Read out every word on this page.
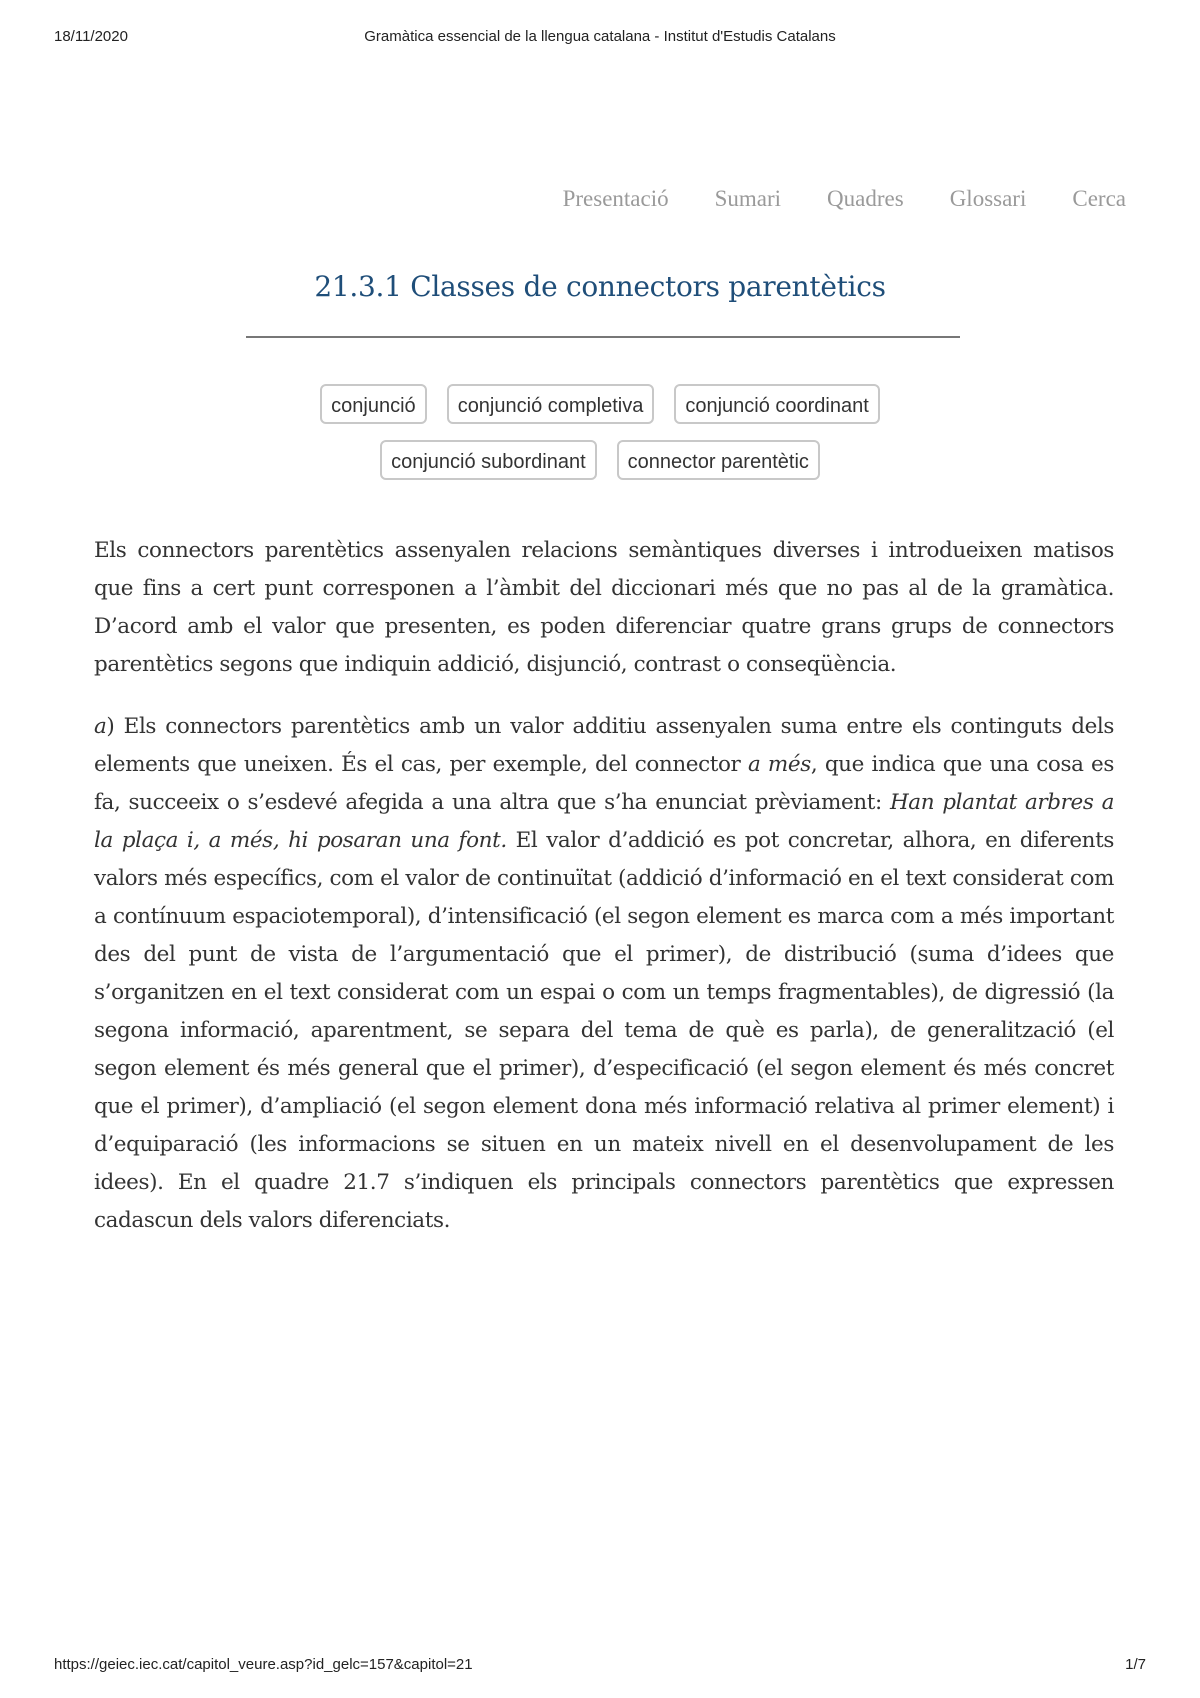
18/11/2020	Gramàtica essencial de la llengua catalana - Institut d'Estudis Catalans
Presentació Sumari Quadres Glossari Cerca
21.3.1 Classes de connectors parentètics
conjunció	conjunció completiva	conjunció coordinant
conjunció subordinant	connector parentètic

Els connectors parentètics assenyalen relacions semàntiques diverses i introdueixen matisos que fins a cert punt corresponen a l’àmbit del diccionari més que no pas al de la gramàtica. D’acord amb el valor que presenten, es poden diferenciar quatre grans grups de connectors parentètics segons que indiquin addició, disjunció, contrast o conseqüència.

a) Els connectors parentètics amb un valor additiu assenyalen suma entre els continguts dels elements que uneixen. És el cas, per exemple, del connector a més, que indica que una cosa es fa, succeeix o s’esdevé afegida a una altra que s’ha enunciat prèviament: Han plantat arbres a la plaça i, a més, hi posaran una font. El valor d’addició es pot concretar, alhora, en diferents valors més específics, com el valor de continuïtat (addició d’informació en el text considerat com a contínuum espaciotemporal), d’intensificació (el segon element es marca com a més important des del punt de vista de l’argumentació que el primer), de distribució (suma d’idees que s’organitzen en el text considerat com un espai o com un temps fragmentables), de digressió (la segona informació, aparentment, se separa del tema de què es parla), de generalització (el segon element és més general que el primer), d’especificació (el segon element és més concret que el primer), d’ampliació (el segon element dona més informació relativa al primer element) i d’equiparació (les informacions se situen en un mateix nivell en el desenvolupament de les idees). En el quadre 21.7 s’indiquen els principals connectors parentètics que expressen cadascun dels valors diferenciats.

https://geiec.iec.cat/capitol_veure.asp?id_gelc=157&capitol=21	1/7
